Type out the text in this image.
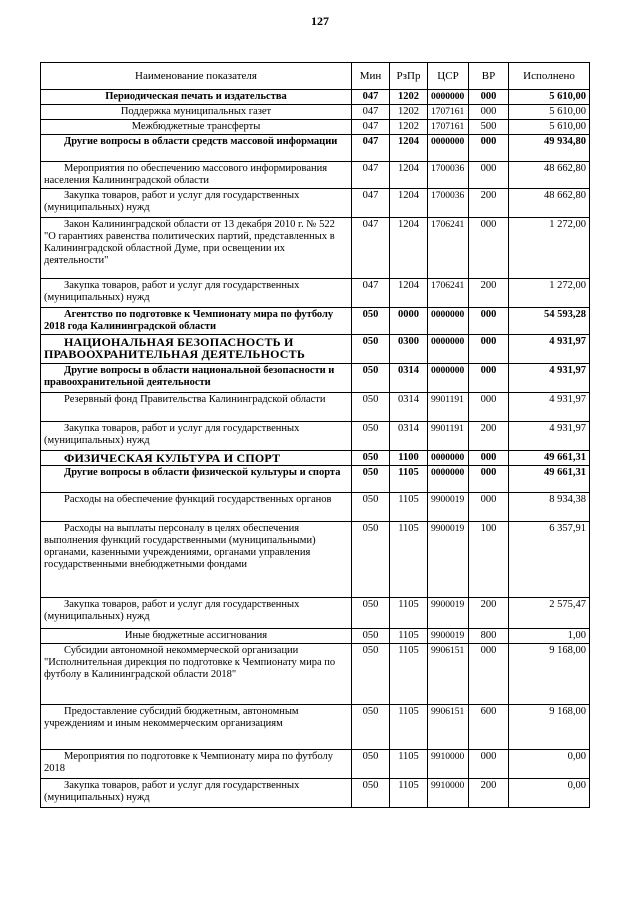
127
Наименование показателя	Мин	РзПр	ЦСР	ВР	Исполнено
Периодическая печать и издательства	047	1202	0000000	000	5 610,00
Поддержка муниципальных газет	047	1202	1707161	000	5 610,00
Межбюджетные трансферты	047	1202	1707161	500	5 610,00
Другие вопросы в области средств массовой информации	047	1204	0000000	000	49 934,80
Мероприятия по обеспечению массового информирования населения Калининградской области	047	1204	1700036	000	48 662,80
Закупка товаров, работ и услуг для государственных (муниципальных) нужд	047	1204	1700036	200	48 662,80
Закон Калининградской области от 13 декабря 2010 г. № 522 "О гарантиях равенства политических партий, представленных в Калининградской областной Думе, при освещении их деятельности"	047	1204	1706241	000	1 272,00
Закупка товаров, работ и услуг для государственных (муниципальных) нужд	047	1204	1706241	200	1 272,00
Агентство по подготовке к Чемпионату мира по футболу 2018 года Калининградской области	050	0000	0000000	000	54 593,28
НАЦИОНАЛЬНАЯ БЕЗОПАСНОСТЬ И ПРАВООХРАНИТЕЛЬНАЯ ДЕЯТЕЛЬНОСТЬ	050	0300	0000000	000	4 931,97
Другие вопросы в области национальной безопасности и правоохранительной деятельности	050	0314	0000000	000	4 931,97
Резервный фонд Правительства Калининградской области	050	0314	9901191	000	4 931,97
Закупка товаров, работ и услуг для государственных (муниципальных) нужд	050	0314	9901191	200	4 931,97
ФИЗИЧЕСКАЯ КУЛЬТУРА И СПОРТ	050	1100	0000000	000	49 661,31
Другие вопросы в области физической культуры и спорта	050	1105	0000000	000	49 661,31
Расходы на обеспечение функций государственных органов	050	1105	9900019	000	8 934,38
Расходы на выплаты персоналу в целях обеспечения выполнения функций государственными (муниципальными) органами, казенными учреждениями, органами управления государственными внебюджетными фондами	050	1105	9900019	100	6 357,91
Закупка товаров, работ и услуг для государственных (муниципальных) нужд	050	1105	9900019	200	2 575,47
Иные бюджетные ассигнования	050	1105	9900019	800	1,00
Субсидии автономной некоммерческой организации "Исполнительная дирекция по подготовке к Чемпионату мира по футболу в Калининградской области 2018"	050	1105	9906151	000	9 168,00
Предоставление субсидий бюджетным, автономным учреждениям и иным некоммерческим организациям	050	1105	9906151	600	9 168,00
Мероприятия по подготовке к Чемпионату мира по футболу 2018	050	1105	9910000	000	0,00
Закупка товаров, работ и услуг для государственных (муниципальных) нужд	050	1105	9910000	200	0,00
